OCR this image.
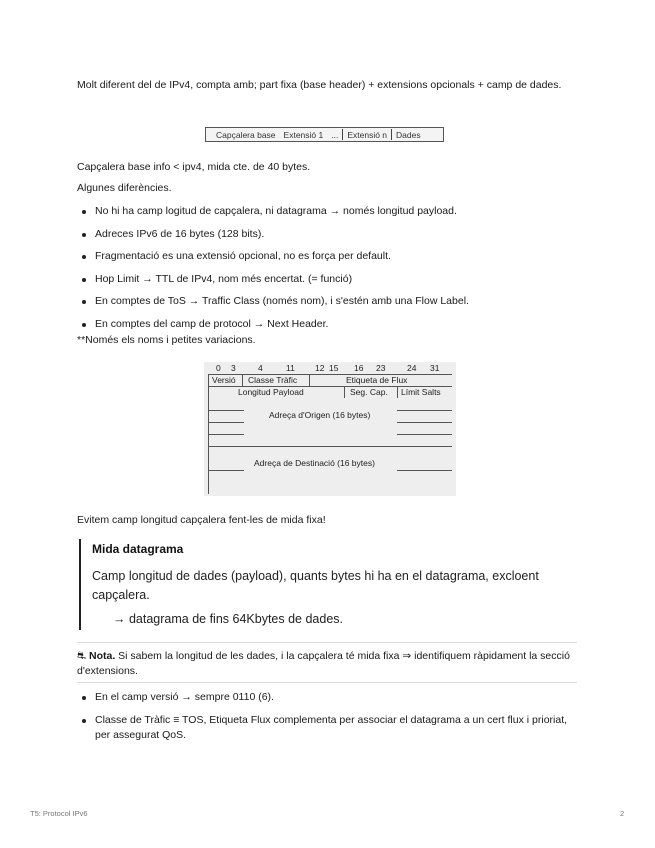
Molt diferent del de IPv4, compta amb; part fixa (base header) + extensions opcionals + camp de dades.
Capçalera base Extensió 1 ...	Extensió n	Dades
Capçalera base info < ipv4, mida cte. de 40 bytes.
Algunes diferències.
No hi ha camp logitud de capçalera, ni datagrama → només longitud payload.
Adreces IPv6 de 16 bytes (128 bits).
Fragmentació es una extensió opcional, no es força per default.
Hop Limit → TTL de IPv4, nom més encertat. (= funció)
En comptes de ToS → Traffic Class (només nom), i s'estén amb una Flow Label.
En comptes del camp de protocol → Next Header.
**Només els noms i petites variacions.
0 3	4	11 12 15 16 23	24 31
Versió Classe Tràfic	Etiqueta de Flux
Longitud Payload	Seg. Cap. Límit Salts
Adreça d'Origen (16 bytes)
Adreça de Destinació (16 bytes)
Evitem camp longitud capçalera fent-les de mida fixa!
Mida datagrama
Camp longitud de dades (payload), quants bytes hi ha en el datagrama, excloent capçalera.
→ datagrama de fins 64Kbytes de dades.
⛐ Nota. Si sabem la longitud de les dades, i la capçalera té mida fixa ⇒ identifiquem ràpidament la secció d'extensions.
En el camp versió → sempre 0110 (6).
Classe de Tràfic ≡ TOS, Etiqueta Flux complementa per associar el datagrama a un cert flux i prioriat, per assegurat QoS.
T5: Protocol IPv6	2
